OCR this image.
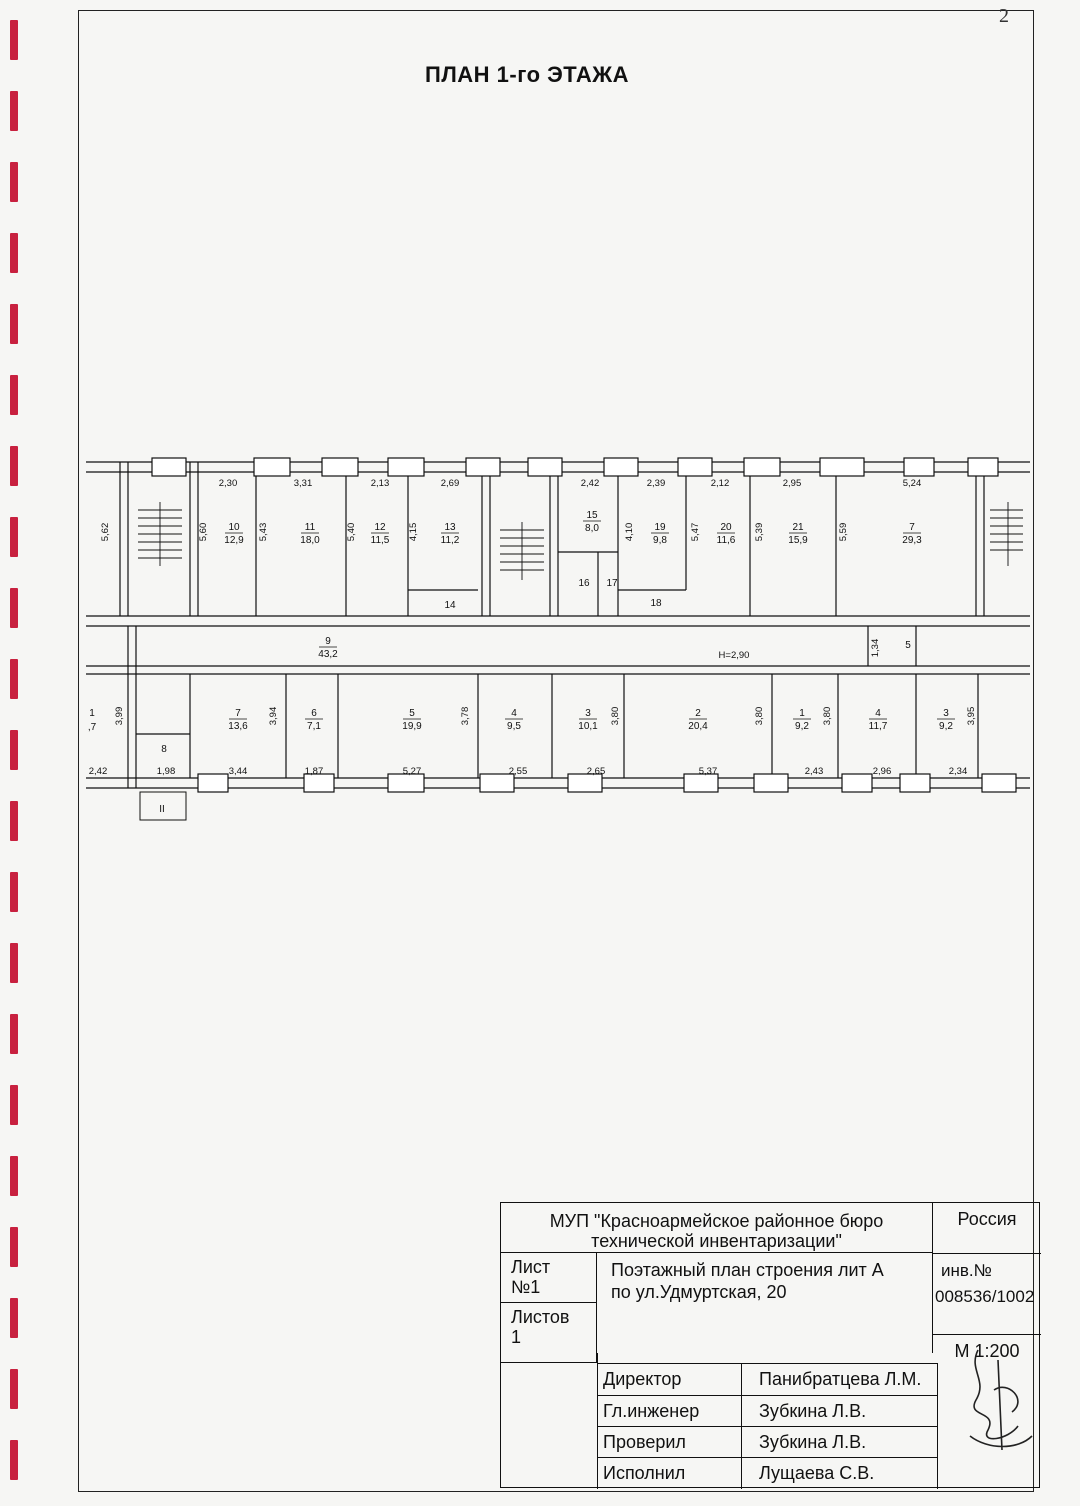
2
ПЛАН 1-го ЭТАЖА
2,30	3,31	2,13	2,69	2,42	2,39	2,12	2,95	5,24
5,62	5,60	5,43	5,40	4,15	4,10	5,47	5,39	5,59
10
12,9
11
18,0
12
11,5
13
11,2
15
8,0	19
9,8
20
11,6
21
15,9
7
29,3
16 17
14	18
9
43,2	H=2,90
5
1,34
1
,7
7
13,6
6
7,1
5
19,9
4
9,5
3
10,1
2
20,4
1
9,2
4
11,7
3
9,2
8
3,99	3,94	3,78	3,80	3,80	3,80	3,95
2,42	1,98	3,44	1,87	5,27	2,55	2,65	5,37	2,43	2,96	2,34
II
МУП "Красноармейское районное бюро
технической инвентаризации"
Россия
Лист
№1
Поэтажный план строения лит А
по ул.Удмуртская, 20
инв.№
008536/1002
Листов
1
М 1:200
Директор	Панибратцева Л.М.
Гл.инженер	Зубкина Л.В.
Проверил	Зубкина Л.В.
Исполнил	Лущаева С.В.
